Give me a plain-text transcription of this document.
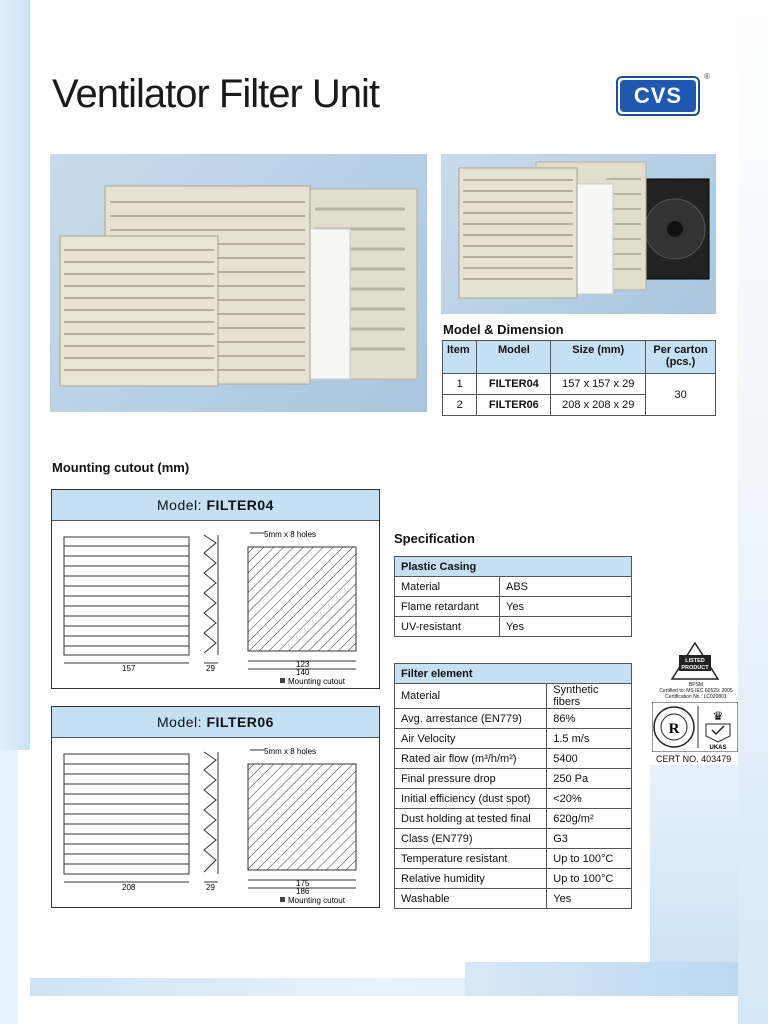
Ventilator Filter Unit	CVS
®
Model & Dimension
Item	Model	Size (mm)	Per carton (pcs.)
1	FILTER04	157 x 157 x 29	30
2	FILTER06	208 x 208 x 29	
Mounting cutout (mm)
Model: FILTER04
5mm x 8 holes
157	29	123
140
Mounting cutout
Model: FILTER06
5mm x 8 holes
208	29	175
186
Mounting cutout
Specification
Plastic Casing	
Material	ABS
Flame retardant	Yes
UV-resistant	Yes
Filter element	
Material	Synthetic fibers
Avg. arrestance (EN779)	86%
Air Velocity	1.5 m/s
Rated air flow (m³/h/m²)	5400
Final pressure drop	250 Pa
Initial efficiency (dust spot)	<20%
Dust holding at tested final	620g/m²
Class (EN779)	G3
Temperature resistant	Up to 100°C
Relative humidity	Up to 100°C
Washable	Yes
LISTED
PRODUCT
BPSM
Certified to: MS IEC 60529: 2005
Certification No.: LC020801
R
♛
UKAS
CERT NO. 403479
